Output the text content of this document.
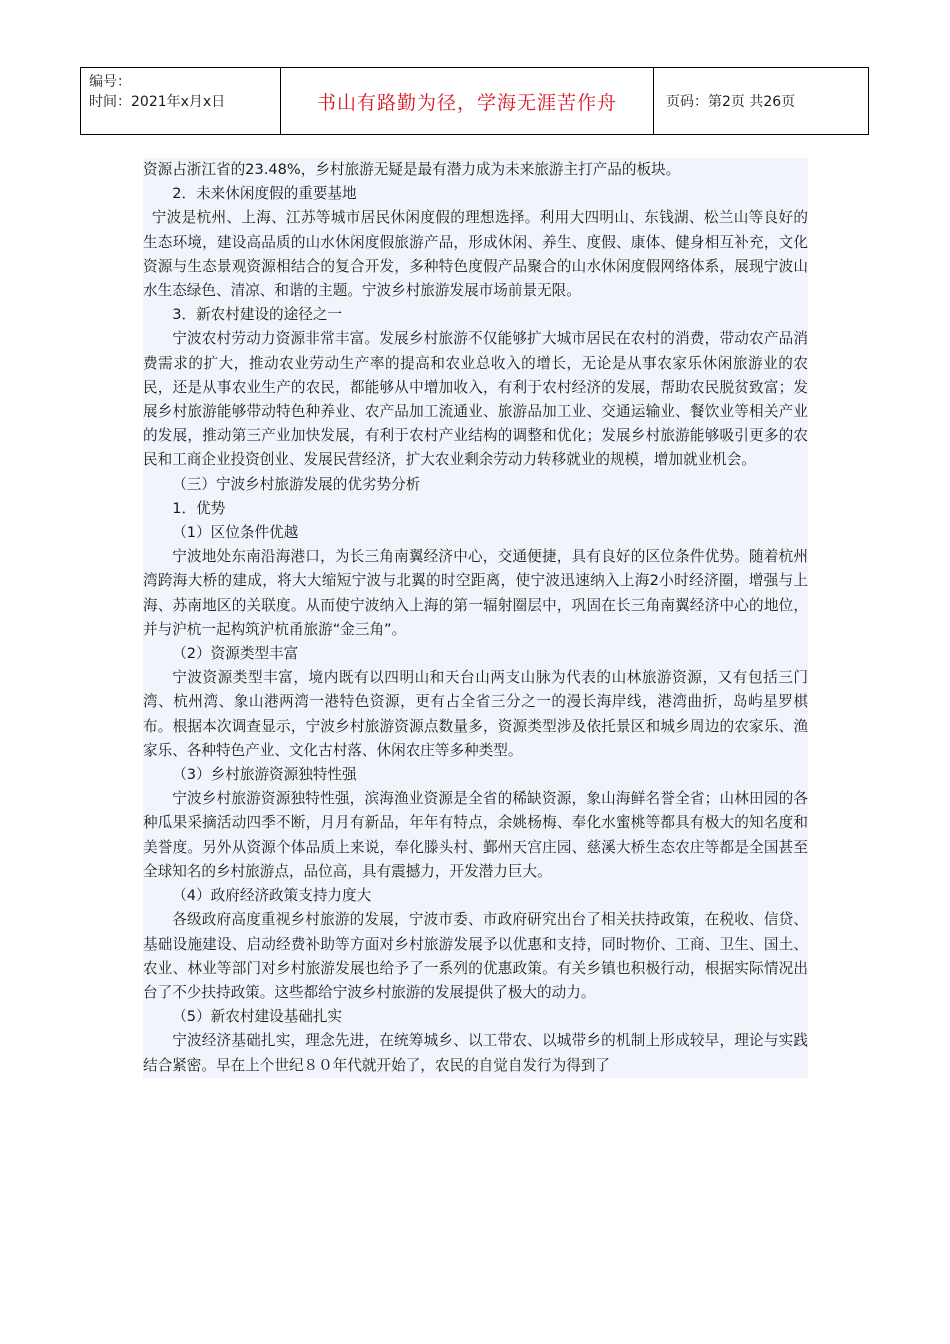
编号：
时间：2021年x月x日	书山有路勤为径，学海无涯苦作舟	页码：第2页 共26页

资源占浙江省的23.48%，乡村旅游无疑是最有潜力成为未来旅游主打产品的板块。

2．未来休闲度假的重要基地

宁波是杭州、上海、江苏等城市居民休闲度假的理想选择。利用大四明山、东钱湖、松兰山等良好的生态环境，建设高品质的山水休闲度假旅游产品，形成休闲、养生、度假、康体、健身相互补充，文化资源与生态景观资源相结合的复合开发，多种特色度假产品聚合的山水休闲度假网络体系，展现宁波山水生态绿色、清凉、和谐的主题。宁波乡村旅游发展市场前景无限。

3．新农村建设的途径之一

宁波农村劳动力资源非常丰富。发展乡村旅游不仅能够扩大城市居民在农村的消费，带动农产品消费需求的扩大，推动农业劳动生产率的提高和农业总收入的增长，无论是从事农家乐休闲旅游业的农民，还是从事农业生产的农民，都能够从中增加收入，有利于农村经济的发展，帮助农民脱贫致富；发展乡村旅游能够带动特色种养业、农产品加工流通业、旅游品加工业、交通运输业、餐饮业等相关产业的发展，推动第三产业加快发展，有利于农村产业结构的调整和优化；发展乡村旅游能够吸引更多的农民和工商企业投资创业、发展民营经济，扩大农业剩余劳动力转移就业的规模，增加就业机会。

（三）宁波乡村旅游发展的优劣势分析

1．优势

（1）区位条件优越

宁波地处东南沿海港口，为长三角南翼经济中心，交通便捷，具有良好的区位条件优势。随着杭州湾跨海大桥的建成，将大大缩短宁波与北翼的时空距离，使宁波迅速纳入上海2小时经济圈，增强与上海、苏南地区的关联度。从而使宁波纳入上海的第一辐射圈层中，巩固在长三角南翼经济中心的地位，并与沪杭一起构筑沪杭甬旅游“金三角”。

（2）资源类型丰富

宁波资源类型丰富，境内既有以四明山和天台山两支山脉为代表的山林旅游资源，又有包括三门湾、杭州湾、象山港两湾一港特色资源，更有占全省三分之一的漫长海岸线，港湾曲折，岛屿星罗棋布。根据本次调查显示，宁波乡村旅游资源点数量多，资源类型涉及依托景区和城乡周边的农家乐、渔家乐、各种特色产业、文化古村落、休闲农庄等多种类型。

（3）乡村旅游资源独特性强

宁波乡村旅游资源独特性强，滨海渔业资源是全省的稀缺资源，象山海鲜名誉全省；山林田园的各种瓜果采摘活动四季不断，月月有新品，年年有特点，余姚杨梅、奉化水蜜桃等都具有极大的知名度和美誉度。另外从资源个体品质上来说，奉化滕头村、鄞州天宫庄园、慈溪大桥生态农庄等都是全国甚至全球知名的乡村旅游点，品位高，具有震撼力，开发潜力巨大。

（4）政府经济政策支持力度大

各级政府高度重视乡村旅游的发展，宁波市委、市政府研究出台了相关扶持政策，在税收、信贷、基础设施建设、启动经费补助等方面对乡村旅游发展予以优惠和支持，同时物价、工商、卫生、国土、农业、林业等部门对乡村旅游发展也给予了一系列的优惠政策。有关乡镇也积极行动，根据实际情况出台了不少扶持政策。这些都给宁波乡村旅游的发展提供了极大的动力。

（5）新农村建设基础扎实

宁波经济基础扎实，理念先进，在统筹城乡、以工带农、以城带乡的机制上形成较早，理论与实践结合紧密。早在上个世纪８０年代就开始了，农民的自觉自发行为得到了
